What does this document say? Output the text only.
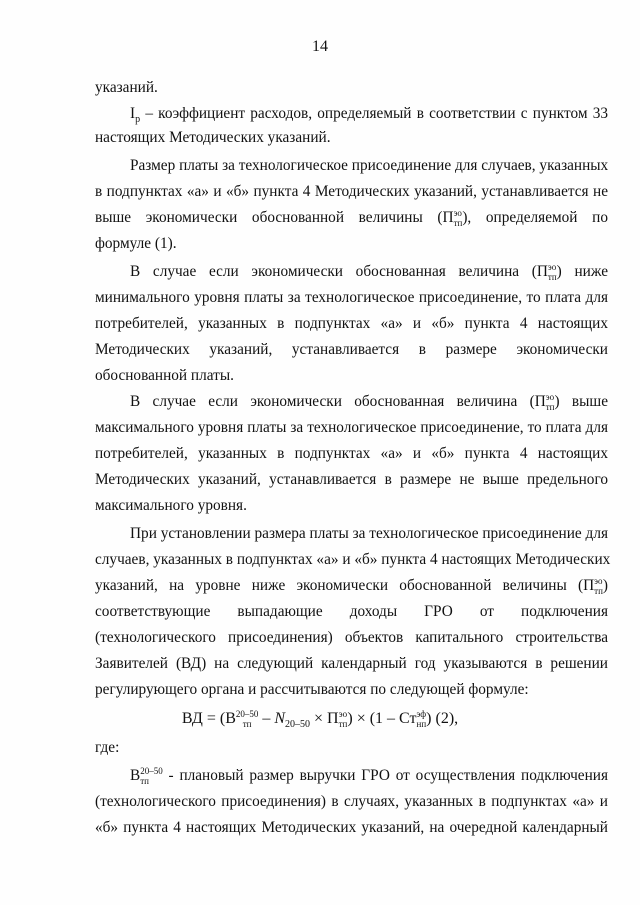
14
указаний.
$I_р$ – коэффициент расходов, определяемый в соответствии с пунктом 33
настоящих Методических указаний.
Размер платы за технологическое присоединение для случаев, указанных
в подпунктах «а» и «б» пункта 4 Методических указаний, устанавливается не
выше экономически обоснованной величины (П эо
тп ), определяемой по
формуле (1).
В случае если экономически обоснованная величина (П эо
тп ) ниже
минимального уровня платы за технологическое присоединение, то плата для
потребителей, указанных в подпунктах «а» и «б» пункта 4 настоящих
Методических указаний, устанавливается в размере экономически
обоснованной платы.
В случае если экономически обоснованная величина (П эо
тп ) выше
максимального уровня платы за технологическое присоединение, то плата для
потребителей, указанных в подпунктах «а» и «б» пункта 4 настоящих
Методических указаний, устанавливается в размере не выше предельного
максимального уровня.
При установлении размера платы за технологическое присоединение для
случаев, указанных в подпунктах «а» и «б» пункта 4 настоящих Методических
указаний, на уровне ниже экономически обоснованной величины (П эо
тп )
соответствующие выпадающие доходы ГРО от подключения
(технологического присоединения) объектов капитального строительства
Заявителей (ВД) на следующий календарный год указываются в решении
регулирующего органа и рассчитываются по следующей формуле:
ВД = (В 20–50
тп – $N_{20-50} \times П$ эо
тп ) × (1 – Ст эф
нп ) (2),
где:
В 20–50
тп	- плановый размер выручки ГРО от осуществления подключения
(технологического присоединения) в случаях, указанных в подпунктах «а» и
«б» пункта 4 настоящих Методических указаний, на очередной календарный
